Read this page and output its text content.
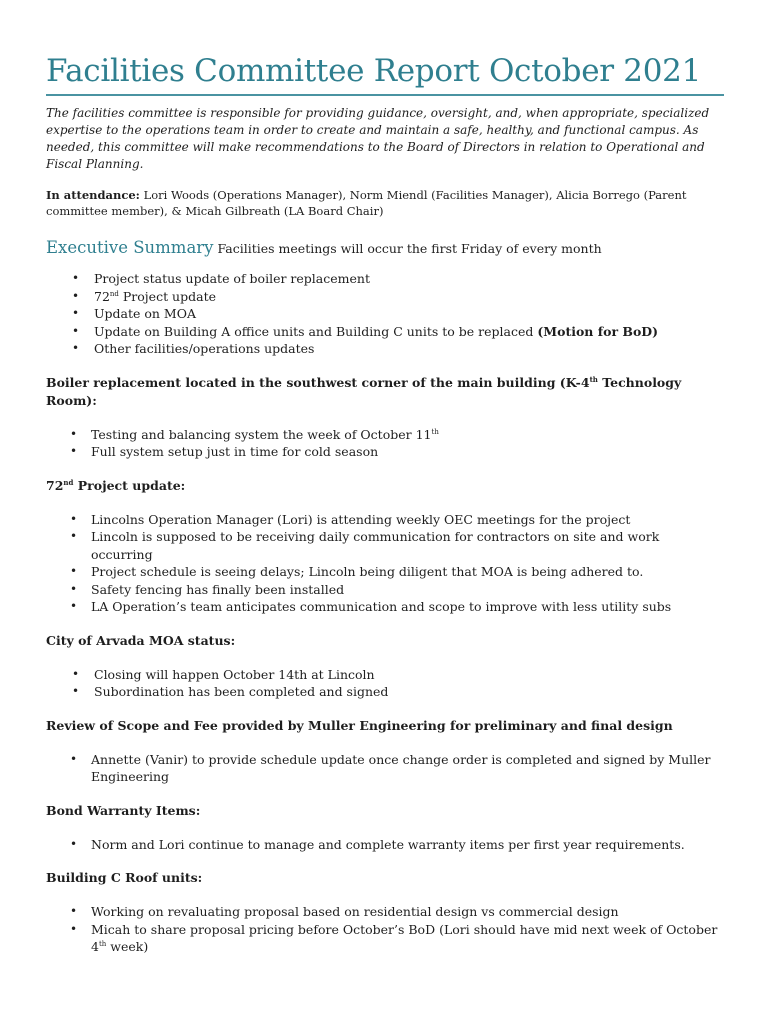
Facilities Committee Report October 2021

The facilities committee is responsible for providing guidance, oversight, and, when appropriate, specialized expertise to the operations team in order to create and maintain a safe, healthy, and functional campus. As needed, this committee will make recommendations to the Board of Directors in relation to Operational and Fiscal Planning.

In attendance: Lori Woods (Operations Manager), Norm Miendl (Facilities Manager), Alicia Borrego (Parent committee member), & Micah Gilbreath (LA Board Chair)

Executive Summary Facilities meetings will occur the first Friday of every month
• Project status update of boiler replacement
• 72nd Project update
• Update on MOA
• Update on Building A office units and Building C units to be replaced (Motion for BoD)
• Other facilities/operations updates

Boiler replacement located in the southwest corner of the main building (K-4th Technology Room):

• Testing and balancing system the week of October 11th
• Full system setup just in time for cold season

72nd Project update:

• Lincolns Operation Manager (Lori) is attending weekly OEC meetings for the project
• Lincoln is supposed to be receiving daily communication for contractors on site and work occurring
• Project schedule is seeing delays; Lincoln being diligent that MOA is being adhered to.
• Safety fencing has finally been installed
• LA Operation’s team anticipates communication and scope to improve with less utility subs

City of Arvada MOA status:

• Closing will happen October 14th at Lincoln
• Subordination has been completed and signed

Review of Scope and Fee provided by Muller Engineering for preliminary and final design

• Annette (Vanir) to provide schedule update once change order is completed and signed by Muller Engineering

Bond Warranty Items:

• Norm and Lori continue to manage and complete warranty items per first year requirements.

Building C Roof units:

• Working on revaluating proposal based on residential design vs commercial design
• Micah to share proposal pricing before October’s BoD (Lori should have mid next week of October 4th week)
